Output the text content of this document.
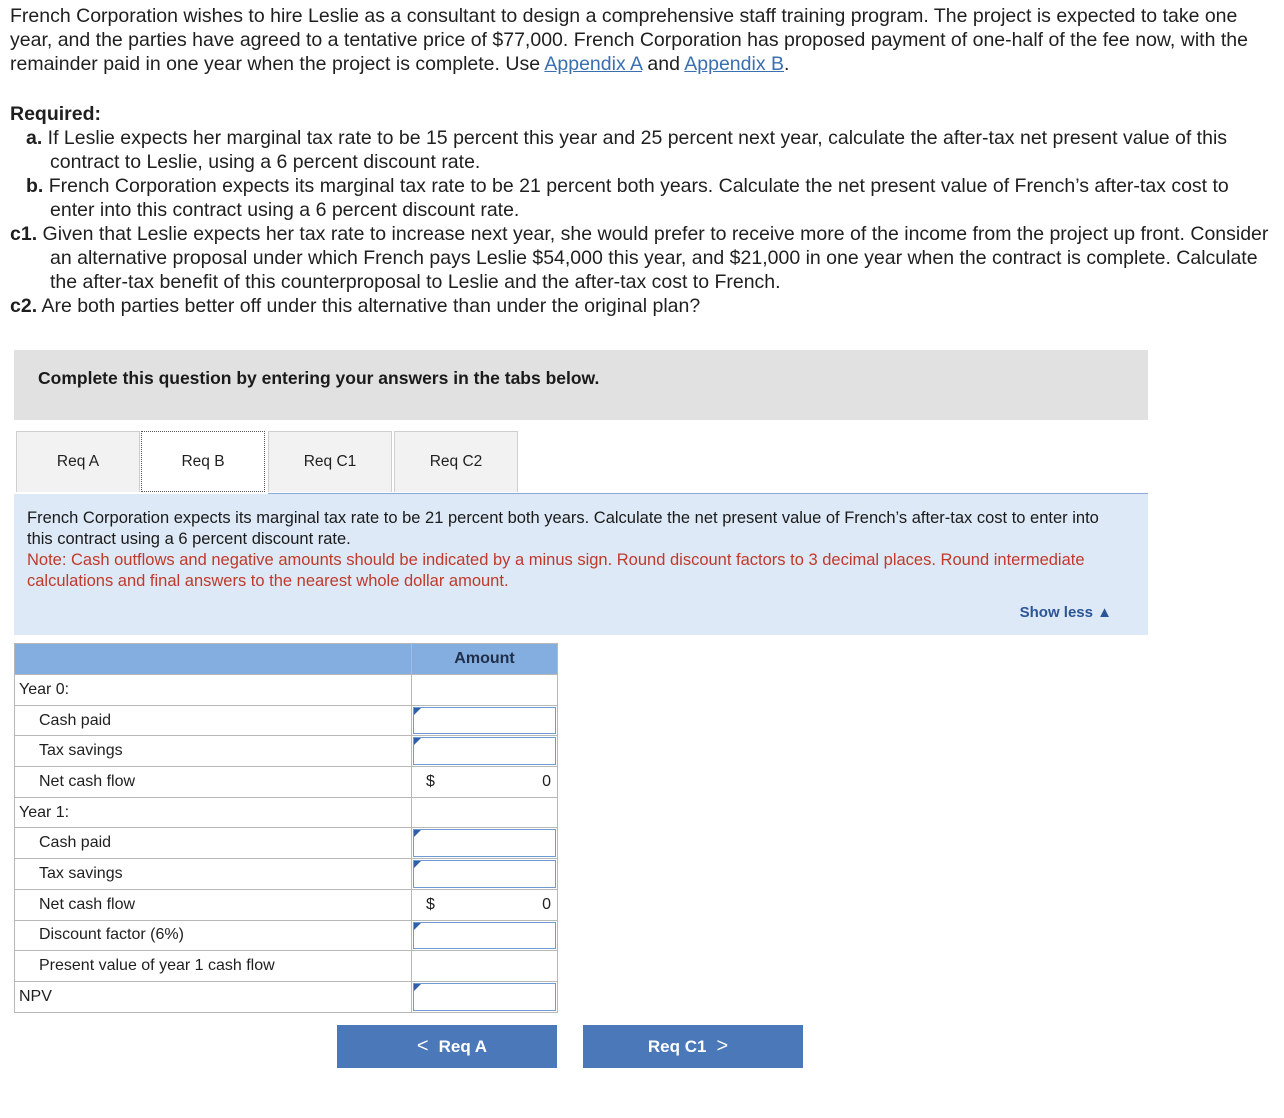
French Corporation wishes to hire Leslie as a consultant to design a comprehensive staff training program. The project is expected to take one year, and the parties have agreed to a tentative price of $77,000. French Corporation has proposed payment of one-half of the fee now, with the remainder paid in one year when the project is complete. Use Appendix A and Appendix B.

Required:

a. If Leslie expects her marginal tax rate to be 15 percent this year and 25 percent next year, calculate the after-tax net present value of this contract to Leslie, using a 6 percent discount rate.

b. French Corporation expects its marginal tax rate to be 21 percent both years. Calculate the net present value of French’s after-tax cost to enter into this contract using a 6 percent discount rate.

c1. Given that Leslie expects her tax rate to increase next year, she would prefer to receive more of the income from the project up front. Consider an alternative proposal under which French pays Leslie $54,000 this year, and $21,000 in one year when the contract is complete. Calculate the after-tax benefit of this counterproposal to Leslie and the after-tax cost to French.

c2. Are both parties better off under this alternative than under the original plan?

Complete this question by entering your answers in the tabs below.
Req A	Req B	Req C1	Req C2
French Corporation expects its marginal tax rate to be 21 percent both years. Calculate the net present value of French’s after-tax cost to enter into this contract using a 6 percent discount rate.
Note: Cash outflows and negative amounts should be indicated by a minus sign. Round discount factors to 3 decimal places. Round intermediate calculations and final answers to the nearest whole dollar amount.
Show less ▲
	Amount
Year 0:	
Cash paid	

Tax savings	

Net cash flow	$ 0

Year 1:	
Cash paid	

Tax savings	

Net cash flow	$ 0

Discount factor (6%)	

Present value of year 1 cash flow	
NPV	
< Req A	Req C1 >
